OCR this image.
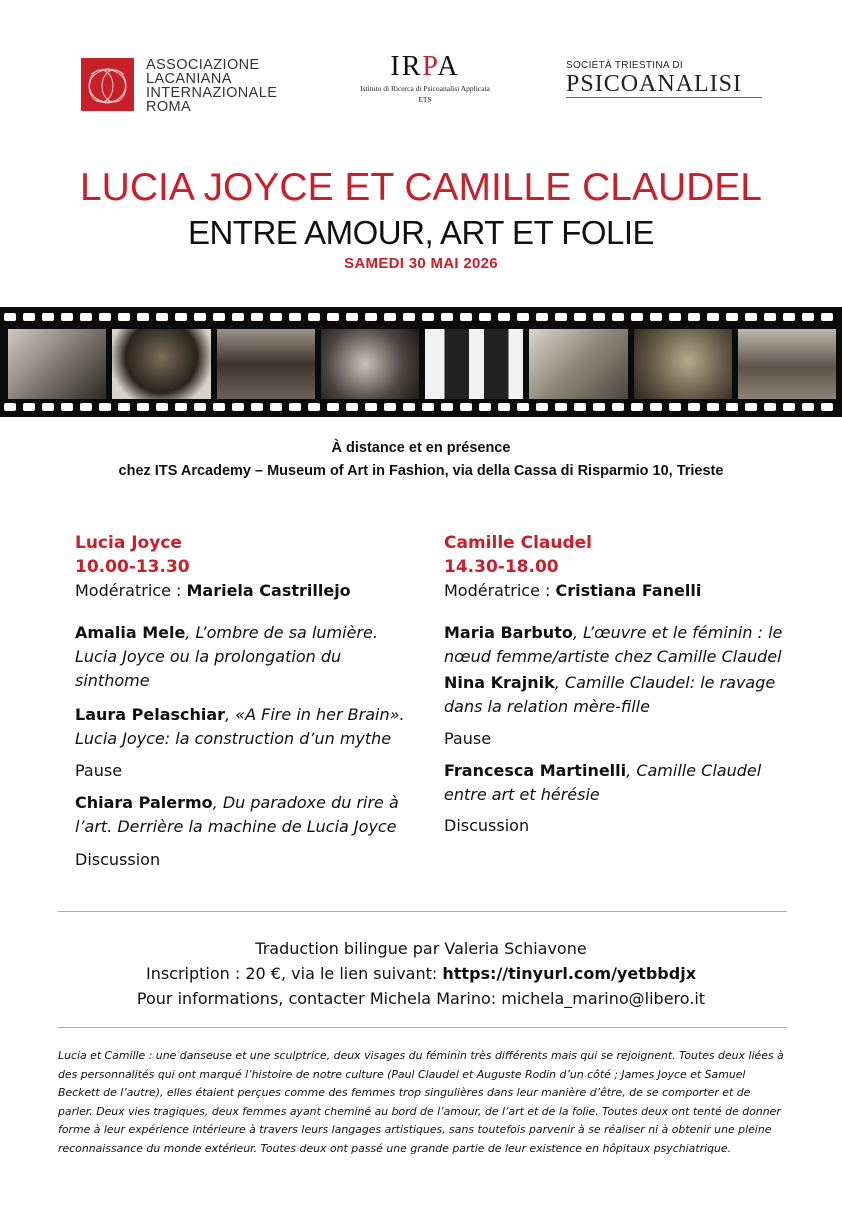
ASSOCIAZIONE
LACANIANA
INTERNAZIONALE
ROMA
IRPA
Istituto di Ricerca di Psicoanalisi Applicata
ETS
SOCIETÀ TRIESTINA DI
PSICOANALISI
LUCIA JOYCE ET CAMILLE CLAUDEL
ENTRE AMOUR, ART ET FOLIE
SAMEDI 30 MAI 2026
À distance et en présence
chez ITS Arcademy – Museum of Art in Fashion, via della Cassa di Risparmio 10, Trieste
Lucia Joyce
10.00-13.30
Modératrice : Mariela Castrillejo
Amalia Mele, L’ombre de sa lumière. Lucia Joyce ou la prolongation du sinthome
Laura Pelaschiar, «A Fire in her Brain». Lucia Joyce: la construction d’un mythe
Pause
Chiara Palermo, Du paradoxe du rire à l’art. Derrière la machine de Lucia Joyce
Discussion
Camille Claudel
14.30-18.00
Modératrice : Cristiana Fanelli
Maria Barbuto, L’œuvre et le féminin : le nœud femme/artiste chez Camille Claudel
Nina Krajnik, Camille Claudel: le ravage dans la relation mère-fille
Pause
Francesca Martinelli, Camille Claudel entre art et hérésie
Discussion
Traduction bilingue par Valeria Schiavone
Inscription : 20 €, via le lien suivant: https://tinyurl.com/yetbbdjx
Pour informations, contacter Michela Marino: michela_marino@libero.it
Lucia et Camille : une danseuse et une sculptrice, deux visages du féminin très différents mais qui se rejoignent. Toutes deux liées à des personnalités qui ont marqué l’histoire de notre culture (Paul Claudel et Auguste Rodin d’un côté ; James Joyce et Samuel Beckett de l’autre), elles étaient perçues comme des femmes trop singulières dans leur manière d’être, de se comporter et de parler. Deux vies tragiques, deux femmes ayant cheminé au bord de l’amour, de l’art et de la folie. Toutes deux ont tenté de donner forme à leur expérience intérieure à travers leurs langages artistiques, sans toutefois parvenir à se réaliser ni à obtenir une pleine reconnaissance du monde extérieur. Toutes deux ont passé une grande partie de leur existence en hôpitaux psychiatrique.
